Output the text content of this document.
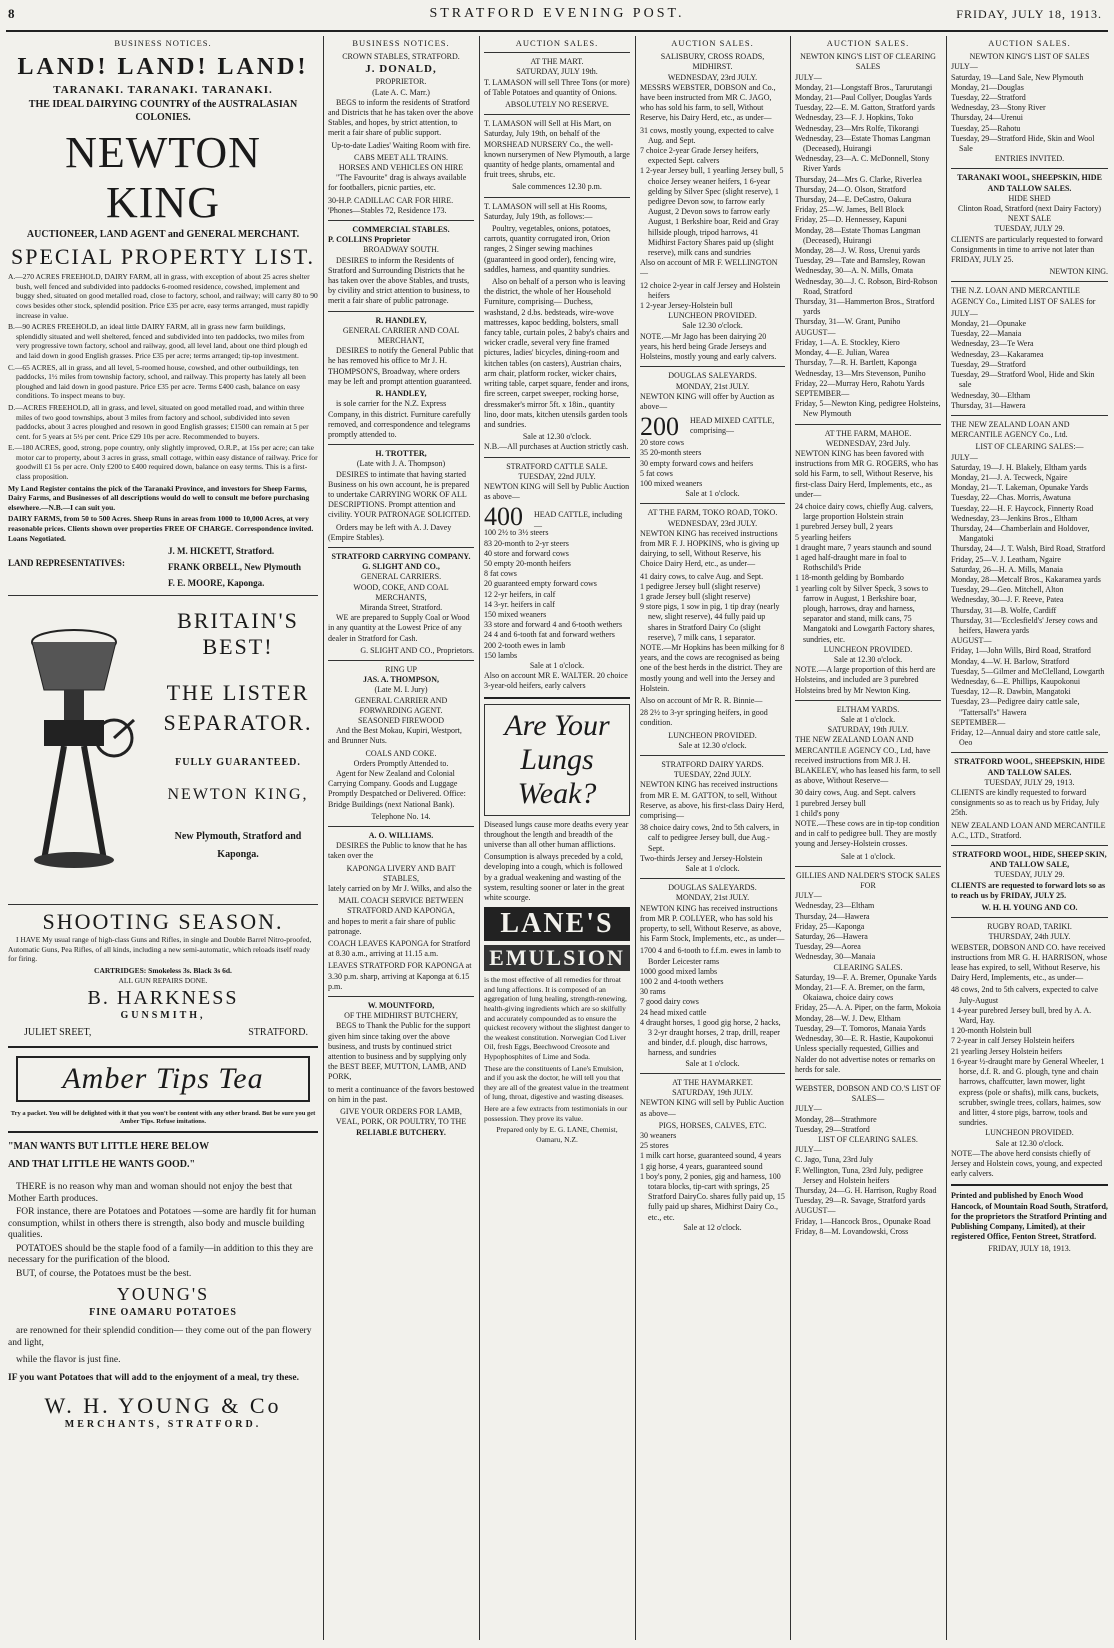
8	STRATFORD EVENING POST.	FRIDAY, JULY 18, 1913.
BUSINESS NOTICES.
LAND! LAND! LAND!
TARANAKI. TARANAKI. TARANAKI.
THE IDEAL DAIRYING COUNTRY of the AUSTRALASIAN COLONIES.
NEWTON KING
AUCTIONEER, LAND AGENT and GENERAL MERCHANT.
SPECIAL PROPERTY LIST.

A.—270 ACRES FREEHOLD, DAIRY FARM, all in grass, with exception of about 25 acres shelter bush, well fenced and subdivided into paddocks 6-roomed residence, cowshed, implement and buggy shed, situated on good metalled road, close to factory, school, and railway; will carry 80 to 90 cows besides other stock, splendid position. Price £35 per acre, easy terms arranged, must rapidly increase in value.

B.—90 ACRES FREEHOLD, an ideal little DAIRY FARM, all in grass new farm buildings, splendidly situated and well sheltered, fenced and subdivided into ten paddocks, two miles from very progressive town factory, school and railway, good, all level land, about one third plough ed and laid down in good English grasses. Price £35 per acre; terms arranged; tip-top investment.

C.—65 ACRES, all in grass, and all level, 5-roomed house, cowshed, and other outbuildings, ten paddocks, 1½ miles from township factory, school, and railway. This property has lately all been ploughed and laid down in good pasture. Price £35 per acre. Terms £400 cash, balance on easy conditions. To inspect means to buy.

D.—ACRES FREEHOLD, all in grass, and level, situated on good metalled road, and within three miles of two good townships, about 3 miles from factory and school, subdivided into seven paddocks, about 3 acres ploughed and resown in good English grasses; £1500 can remain at 5 per cent. for 5 years at 5½ per cent. Price £29 10s per acre. Recommended to buyers.

E.—180 ACRES, good, strong, pope country, only slightly improved, O.R.P., at 15s per acre; can take motor car to property, about 3 acres in grass, small cottage, within easy distance of railway. Price for goodwill £1 5s per acre. Only £200 to £400 required down, balance on easy terms. This is a first-class proposition.

My Land Register contains the pick of the Taranaki Province, and investors for Sheep Farms, Dairy Farms, and Businesses of all descriptions would do well to consult me before purchasing elsewhere.—N.B.—I can suit you.

DAIRY FARMS, from 50 to 500 Acres. Sheep Runs in areas from 1000 to 10,000 Acres, at very reasonable prices. Clients shown over properties FREE OF CHARGE. Correspondence invited. Loans Negotiated.

LAND REPRESENTATIVES:
J. M. HICKETT, Stratford.
FRANK ORBELL, New Plymouth
F. E. MOORE, Kaponga.
BRITAIN'S BEST!
THE LISTER SEPARATOR.
FULLY GUARANTEED.
NEWTON KING,
New Plymouth, Stratford and Kaponga.
SHOOTING SEASON.

I HAVE My usual range of high-class Guns and Rifles, in single and Double Barrel Nitro-proofed, Automatic Guns, Pea Rifles, of all kinds, including a new semi-automatic, which reloads itself ready for firing.

CARTRIDGES: Smokeless 3s. Black 3s 6d.
ALL GUN REPAIRS DONE.
B. HARKNESS
GUNSMITH,
JULIET SREET,	STRATFORD.
Amber Tips Tea
Try a packet. You will be delighted with it that you won't be content with any other brand. But be sure you get Amber Tips. Refuse imitations.
"MAN WANTS BUT LITTLE HERE BELOW
AND THAT LITTLE HE WANTS GOOD."

THERE is no reason why man and woman should not enjoy the best that Mother Earth produces.

FOR instance, there are Potatoes and Potatoes —some are hardly fit for human consumption, whilst in others there is strength, also body and muscle building qualities.

POTATOES should be the staple food of a family—in addition to this they are necessary for the purification of the blood.

BUT, of course, the Potatoes must be the best.

YOUNG'S
FINE OAMARU POTATOES

are renowned for their splendid condition— they come out of the pan flowery and light,

while the flavor is just fine.

IF you want Potatoes that will add to the enjoyment of a meal, try these.

W. H. YOUNG & Co
MERCHANTS, STRATFORD.
BUSINESS NOTICES.
CROWN STABLES, STRATFORD.
J. DONALD,
PROPRIETOR.
(Late A. C. Marr.)

BEGS to inform the residents of Stratford and Districts that he has taken over the above Stables, and hopes, by strict attention, to merit a fair share of public support.

Up-to-date Ladies' Waiting Room with fire.

CABS MEET ALL TRAINS.
HORSES AND VEHICLES ON HIRE

"The Favourite" drag is always available for footballers, picnic parties, etc.

30-H.P. CADILLAC CAR FOR HIRE. 'Phones—Stables 72, Residence 173.

COMMERCIAL STABLES.
P. COLLINS Proprietor
BROADWAY SOUTH.

DESIRES to inform the Residents of Stratford and Surrounding Districts that he has taken over the above Stables, and trusts, by civility and strict attention to business, to merit a fair share of public patronage.

R. HANDLEY,
GENERAL CARRIER AND COAL MERCHANT,

DESIRES to notify the General Public that he has removed his office to Mr J. H. THOMPSON'S, Broadway, where orders may be left and prompt attention guaranteed.

R. HANDLEY,

is sole carrier for the N.Z. Express Company, in this district. Furniture carefully removed, and correspondence and telegrams promptly attended to.

H. TROTTER,
(Late with J. A. Thompson)

DESIRES to intimate that having started Business on his own account, he is prepared to undertake CARRYING WORK OF ALL DESCRIPTIONS. Prompt attention and civility. YOUR PATRONAGE SOLICITED.

Orders may be left with A. J. Davey (Empire Stables).

STRATFORD CARRYING COMPANY.
G. SLIGHT AND CO.,
GENERAL CARRIERS.
WOOD, COKE, AND COAL MERCHANTS,
Miranda Street, Stratford.

WE are prepared to Supply Coal or Wood in any quantity at the Lowest Price of any dealer in Stratford for Cash.

G. SLIGHT AND CO., Proprietors.
RING UP
JAS. A. THOMPSON,
(Late M. I. Jury)
GENERAL CARRIER AND FORWARDING AGENT.
SEASONED FIREWOOD

And the Best Mokau, Kupiri, Westport, and Brunner Nuts.

COALS AND COKE.
Orders Promptly Attended to.

Agent for New Zealand and Colonial Carrying Company. Goods and Luggage Promptly Despatched or Delivered. Office: Bridge Buildings (next National Bank).

Telephone No. 14.
A. O. WILLIAMS.

DESIRES the Public to know that he has taken over the

KAPONGA LIVERY AND BAIT STABLES,

lately carried on by Mr J. Wilks, and also the

MAIL COACH SERVICE BETWEEN STRATFORD AND KAPONGA,

and hopes to merit a fair share of public patronage.

COACH LEAVES KAPONGA for Stratford at 8.30 a.m., arriving at 11.15 a.m.

LEAVES STRATFORD FOR KAPONGA at 3.30 p.m. sharp, arriving at Kaponga at 6.15 p.m.

W. MOUNTFORD,
OF THE MIDHIRST BUTCHERY,

BEGS to Thank the Public for the support given him since taking over the above business, and trusts by continued strict attention to business and by supplying only the BEST BEEF, MUTTON, LAMB, AND PORK,

to merit a continuance of the favors bestowed on him in the past.

GIVE YOUR ORDERS FOR LAMB, VEAL, PORK, OR POULTRY, TO THE
RELIABLE BUTCHERY.
AUCTION SALES.
AT THE MART.
SATURDAY, JULY 19th.

T. LAMASON will sell Three Tons (or more) of Table Potatoes and quantity of Onions.

ABSOLUTELY NO RESERVE.

T. LAMASON will Sell at His Mart, on Saturday, July 19th, on behalf of the MORSHEAD NURSERY Co., the well-known nurserymen of New Plymouth, a large quantity of hedge plants, ornamental and fruit trees, shrubs, etc.

Sale commences 12.30 p.m.

T. LAMASON will sell at His Rooms, Saturday, July 19th, as follows:—

Poultry, vegetables, onions, potatoes, carrots, quantity corrugated iron, Orion ranges, 2 Singer sewing machines (guaranteed in good order), fencing wire, saddles, harness, and quantity sundries.

Also on behalf of a person who is leaving the district, the whole of her Household Furniture, comprising— Duchess, washstand, 2 d.bs. bedsteads, wire-wove mattresses, kapoc bedding, bolsters, small fancy table, curtain poles, 2 baby's chairs and wicker cradle, several very fine framed pictures, ladies' bicycles, dining-room and kitchen tables (on casters), Austrian chairs, arm chair, platform rocker, wicker chairs, writing table, carpet square, fender and irons, fire screen, carpet sweeper, rocking horse, dressmaker's mirror 5ft. x 18in., quantity lino, door mats, kitchen utensils garden tools and sundries.

Sale at 12.30 o'clock.

N.B.—All purchases at Auction strictly cash.

STRATFORD CATTLE SALE.
TUESDAY, 22nd JULY.

NEWTON KING will Sell by Public Auction as above—

400 HEAD CATTLE, including—
100 2½ to 3½ steers
83 20-month to 2-yr steers
40 store and forward cows
50 empty 20-month heifers
8 fat cows
20 guaranteed empty forward cows
12 2-yr heifers, in calf
14 3-yr. heifers in calf
150 mixed weaners
33 store and forward 4 and 6-tooth wethers
24 4 and 6-tooth fat and forward wethers
200 2-tooth ewes in lamb
150 lambs
Sale at 1 o'clock.

Also on account MR E. WALTER. 20 choice 3-year-old heifers, early calvers

Are Your Lungs Weak?

Diseased lungs cause more deaths every year throughout the length and breadth of the universe than all other human afflictions.

Consumption is always preceded by a cold, developing into a cough, which is followed by a gradual weakening and wasting of the system, resulting sooner or later in the great white scourge.

LANE'S
EMULSION

is the most effective of all remedies for throat and lung affections. It is composed of an aggregation of lung healing, strength-renewing, health-giving ingredients which are so skilfully and accurately compounded as to ensure the quickest recovery without the slightest danger to the weakest constitution. Norwegian Cod Liver Oil, fresh Eggs, Beechwood Creosote and Hypophosphites of Lime and Soda.

These are the constituents of Lane's Emulsion, and if you ask the doctor, he will tell you that they are all of the greatest value in the treatment of lung, throat, digestive and wasting diseases.

Here are a few extracts from testimonials in our possession. They prove its value.

Prepared only by E. G. LANE, Chemist, Oamaru, N.Z.

AUCTION SALES.
SALISBURY, CROSS ROADS, MIDHIRST.
WEDNESDAY, 23rd JULY.

MESSRS WEBSTER, DOBSON and Co., have been instructed from MR C. JAGO, who has sold his farm, to sell, Without Reserve, his Dairy Herd, etc., as under—

31 cows, mostly young, expected to calve Aug. and Sept.
7 choice 2-year Grade Jersey heifers, expected Sept. calvers
1 2-year Jersey bull, 1 yearling Jersey bull, 5 choice Jersey weaner heifers, 1 6-year gelding by Silver Spec (slight reserve), 1 pedigree Devon sow, to farrow early August, 2 Devon sows to farrow early August, 1 Berkshire boar, Reid and Gray hillside plough, tripod harrows, 41 Midhirst Factory Shares paid up (slight reserve), milk cans and sundries

Also on account of MR F. WELLINGTON—

12 choice 2-year in calf Jersey and Holstein heifers
1 2-year Jersey-Holstein bull
LUNCHEON PROVIDED.
Sale 12.30 o'clock.

NOTE.—Mr Jago has been dairying 20 years, his herd being Grade Jerseys and Holsteins, mostly young and early calvers.

DOUGLAS SALEYARDS.
MONDAY, 21st JULY.

NEWTON KING will offer by Auction as above—

200 HEAD MIXED CATTLE, comprising—
20 store cows
35 20-month steers
30 empty forward cows and heifers
5 fat cows
100 mixed weaners
Sale at 1 o'clock.
AT THE FARM, TOKO ROAD, TOKO.
WEDNESDAY, 23rd JULY.

NEWTON KING has received instructions from MR F. J. HOPKINS, who is giving up dairying, to sell, Without Reserve, his Choice Dairy Herd, etc., as under—

41 dairy cows, to calve Aug. and Sept.
1 pedigree Jersey bull (slight reserve)
1 grade Jersey bull (slight reserve)
9 store pigs, 1 sow in pig, 1 tip dray (nearly new, slight reserve), 44 fully paid up shares in Stratford Dairy Co (slight reserve), 7 milk cans, 1 separator.

NOTE.—Mr Hopkins has been milking for 8 years, and the cows are recognised as being one of the best herds in the district. They are mostly young and well into the Jersey and Holstein.

Also on account of Mr R. R. Binnie—

28 2½ to 3-yr springing heifers, in good condition.

LUNCHEON PROVIDED.
Sale at 12.30 o'clock.
STRATFORD DAIRY YARDS.
TUESDAY, 22nd JULY.

NEWTON KING has received instructions from MR E. M. GATTON, to sell, Without Reserve, as above, his first-class Dairy Herd, comprising—

38 choice dairy cows, 2nd to 5th calvers, in calf to pedigree Jersey bull, due Aug.-Sept.
Two-thirds Jersey and Jersey-Holstein
Sale at 1 o'clock.
DOUGLAS SALEYARDS.
MONDAY, 21st JULY.

NEWTON KING has received instructions from MR P. COLLYER, who has sold his property, to sell, Without Reserve, as above, his Farm Stock, Implements, etc., as under—

1700 4 and 6-tooth to f.f.m. ewes in lamb to Border Leicester rams
1000 good mixed lambs
100 2 and 4-tooth wethers
30 rams
7 good dairy cows
24 head mixed cattle
4 draught horses, 1 good gig horse, 2 hacks, 3 2-yr draught horses, 2 trap, drill, reaper and binder, d.f. plough, disc harrows, harness, and sundries
Sale at 1 o'clock.
AT THE HAYMARKET.
SATURDAY, 19th JULY.

NEWTON KING will sell by Public Auction as above—

PIGS, HORSES, CALVES, ETC.
30 weaners
25 stores
1 milk cart horse, guaranteed sound, 4 years
1 gig horse, 4 years, guaranteed sound
1 boy's pony, 2 ponies, gig and harness, 100 totara blocks, tip-cart with springs, 25 Stratford DairyCo. shares fully paid up, 15 fully paid up shares, Midhirst Dairy Co., etc., etc.
Sale at 12 o'clock.
AUCTION SALES.
NEWTON KING'S LIST OF CLEARING SALES
JULY—
Monday, 21—Longstaff Bros., Tarurutangi
Monday, 21—Paul Collyer, Douglas Yards
Tuesday, 22—E. M. Gatton, Stratford yards
Wednesday, 23—F. J. Hopkins, Toko
Wednesday, 23—Mrs Rolfe, Tikorangi
Wednesday, 23—Estate Thomas Langman (Deceased), Huirangi
Wednesday, 23—A. C. McDonnell, Stony River Yards
Thursday, 24—Mrs G. Clarke, Riverlea
Thursday, 24—O. Olson, Stratford
Thursday, 24—E. DeCastro, Oakura
Friday, 25—W. James, Bell Block
Friday, 25—D. Hennessey, Kapuni
Monday, 28—Estate Thomas Langman (Deceased), Huirangi
Monday, 28—J. W. Ross, Urenui yards
Tuesday, 29—Tate and Barnsley, Rowan
Wednesday, 30—A. N. Mills, Omata
Wednesday, 30—J. C. Robson, Bird-Robson Road, Stratford
Thursday, 31—Hammerton Bros., Stratford yards
Thursday, 31—W. Grant, Puniho
AUGUST—
Friday, 1—A. E. Stockley, Kiero
Monday, 4—E. Julian, Warea
Thursday, 7—R. H. Bartlett, Kaponga
Wednesday, 13—Mrs Stevenson, Puniho
Friday, 22—Murray Hero, Rahotu Yards
SEPTEMBER—
Friday, 5—Newton King, pedigree Holsteins, New Plymouth
AT THE FARM, MAHOE.
WEDNESDAY, 23rd July.

NEWTON KING has been favored with instructions from MR G. ROGERS, who has sold his Farm, to sell, Without Reserve, his first-class Dairy Herd, Implements, etc., as under—

24 choice dairy cows, chiefly Aug. calvers, large proportion Holstein strain
1 purebred Jersey bull, 2 years
5 yearling heifers
1 draught mare, 7 years staunch and sound
1 aged half-draught mare in foal to Rothschild's Pride
1 18-month gelding by Bombardo
1 yearling colt by Silver Speck, 3 sows to farrow in August, 1 Berkshire boar, plough, harrows, dray and harness, separator and stand, milk cans, 75 Mangatoki and Lowgarth Factory shares, sundries, etc.
LUNCHEON PROVIDED.
Sale at 12.30 o'clock.

NOTE.—A large proportion of this herd are Holsteins, and included are 3 purebred Holsteins bred by Mr Newton King.

ELTHAM YARDS.
Sale at 1 o'clock.
SATURDAY, 19th JULY.

THE NEW ZEALAND LOAN AND MERCANTILE AGENCY CO., Ltd, have received instructions from MR J. H. BLAKELEY, who has leased his farm, to sell as above, Without Reserve—

30 dairy cows, Aug. and Sept. calvers
1 purebred Jersey bull
1 child's pony

NOTE.—These cows are in tip-top condition and in calf to pedigree bull. They are mostly young and Jersey-Holstein crosses.

Sale at 1 o'clock.
GILLIES AND NALDER'S STOCK SALES FOR
JULY—
Wednesday, 23—Eltham
Thursday, 24—Hawera
Friday, 25—Kaponga
Saturday, 26—Hawera
Tuesday, 29—Aorea
Wednesday, 30—Manaia
CLEARING SALES.
Saturday, 19—F. A. Bremer, Opunake Yards
Monday, 21—F. A. Bremer, on the farm, Okaiawa, choice dairy cows
Friday, 25—A. A. Piper, on the farm, Mokoia
Monday, 28—W. J. Dew, Eltham
Tuesday, 29—T. Tomoros, Manaia Yards
Wednesday, 30—E. R. Hastie, Kaupokonui

Unless specially requested, Gillies and Nalder do not advertise notes or remarks on herds for sale.

WEBSTER, DOBSON AND CO.'S LIST OF SALES—
JULY—
Monday, 28—Strathmore
Tuesday, 29—Stratford
LIST OF CLEARING SALES.
JULY—
C. Jago, Tuna, 23rd July
F. Wellington, Tuna, 23rd July, pedigree Jersey and Holstein heifers
Thursday, 24—G. H. Harrison, Rugby Road
Tuesday, 29—R. Savage, Stratford yards
AUGUST—
Friday, 1—Hancock Bros., Opunake Road
Friday, 8—M. Lovandowski, Cross
AUCTION SALES.
NEWTON KING'S LIST OF SALES
JULY—
Saturday, 19—Land Sale, New Plymouth
Monday, 21—Douglas
Tuesday, 22—Stratford
Wednesday, 23—Stony River
Thursday, 24—Urenui
Tuesday, 25—Rahotu
Tuesday, 29—Stratford Hide, Skin and Wool Sale
ENTRIES INVITED.
TARANAKI WOOL, SHEEPSKIN, HIDE AND TALLOW SALES.
HIDE SHED
Clinton Road, Stratford (next Dairy Factory)
NEXT SALE
TUESDAY, JULY 29.

CLIENTS are particularly requested to forward Consignments in time to arrive not later than FRIDAY, JULY 25.

NEWTON KING.

THE N.Z. LOAN AND MERCANTILE AGENCY Co., Limited LIST OF SALES for

JULY—
Monday, 21—Opunake
Tuesday, 22—Manaia
Wednesday, 23—Te Wera
Wednesday, 23—Kakaramea
Tuesday, 29—Stratford
Tuesday, 29—Stratford Wool, Hide and Skin sale
Wednesday, 30—Eltham
Thursday, 31—Hawera

THE NEW ZEALAND LOAN AND MERCANTILE AGENCY Co., Ltd.

LIST OF CLEARING SALES:—
JULY—
Saturday, 19—J. H. Blakely, Eltham yards
Monday, 21—J. A. Tecweck, Ngaire
Monday, 21—T. Lakeman, Opunake Yards
Tuesday, 22—Chas. Morris, Awatuna
Tuesday, 22—H. F. Haycock, Finnerty Road
Wednesday, 23—Jenkins Bros., Eltham
Thursday, 24—Chamberlain and Holdover, Mangatoki
Thursday, 24—J. T. Walsh, Bird Road, Stratford
Friday, 25—V. J. Leatham, Ngaire
Saturday, 26—H. A. Mills, Manaia
Monday, 28—Metcalf Bros., Kakaramea yards
Tuesday, 29—Geo. Mitchell, Alton
Wednesday, 30—J. F. Reeve, Patea
Thursday, 31—B. Wolfe, Cardiff
Thursday, 31—'Ecclesfield's' Jersey cows and heifers, Hawera yards
AUGUST—
Friday, 1—John Wills, Bird Road, Stratford
Monday, 4—W. H. Barlow, Stratford
Tuesday, 5—Gilmer and McClelland, Lowgarth
Wednesday, 6—E. Phillips, Kaupokonui
Tuesday, 12—R. Dawbin, Mangatoki
Tuesday, 23—Pedigree dairy cattle sale, "Tattersall's" Hawera
SEPTEMBER—
Friday, 12—Annual dairy and store cattle sale, Oeo
STRATFORD WOOL, SHEEPSKIN, HIDE AND TALLOW SALES.
TUESDAY, JULY 29, 1913.

CLIENTS are kindly requested to forward consignments so as to reach us by Friday, July 25th.

NEW ZEALAND LOAN AND MERCANTILE A.C., LTD., Stratford.

STRATFORD WOOL, HIDE, SHEEP SKIN, AND TALLOW SALE,
TUESDAY, JULY 29.

CLIENTS are requested to forward lots so as to reach us by FRIDAY, JULY 25.

W. H. H. YOUNG AND CO.
RUGBY ROAD, TARIKI.
THURSDAY, 24th JULY.

WEBSTER, DOBSON AND CO. have received instructions from MR G. H. HARRISON, whose lease has expired, to sell, Without Reserve, his Dairy Herd, Implements, etc., as under—

48 cows, 2nd to 5th calvers, expected to calve July-August
1 4-year purebred Jersey bull, bred by A. A. Ward, Hay.
1 20-month Holstein bull
7 2-year in calf Jersey Holstein heifers
21 yearling Jersey Holstein heifers
1 6-year ½-draught mare by General Wheeler, 1 horse, d.f. R. and G. plough, tyne and chain harrows, chaffcutter, lawn mower, light express (pole or shafts), milk cans, buckets, scrubber, swingle trees, collars, haimes, sow and litter, 4 store pigs, barrow, tools and sundries.
LUNCHEON PROVIDED.
Sale at 12.30 o'clock.

NOTE—The above herd consists chiefly of Jersey and Holstein cows, young, and expected early calvers.

Printed and published by Enoch Wood Hancock, of Mountain Road South, Stratford, for the proprietors the Stratford Printing and Publishing Company, Limited), at their registered Office, Fenton Street, Stratford.

FRIDAY, JULY 18, 1913.
